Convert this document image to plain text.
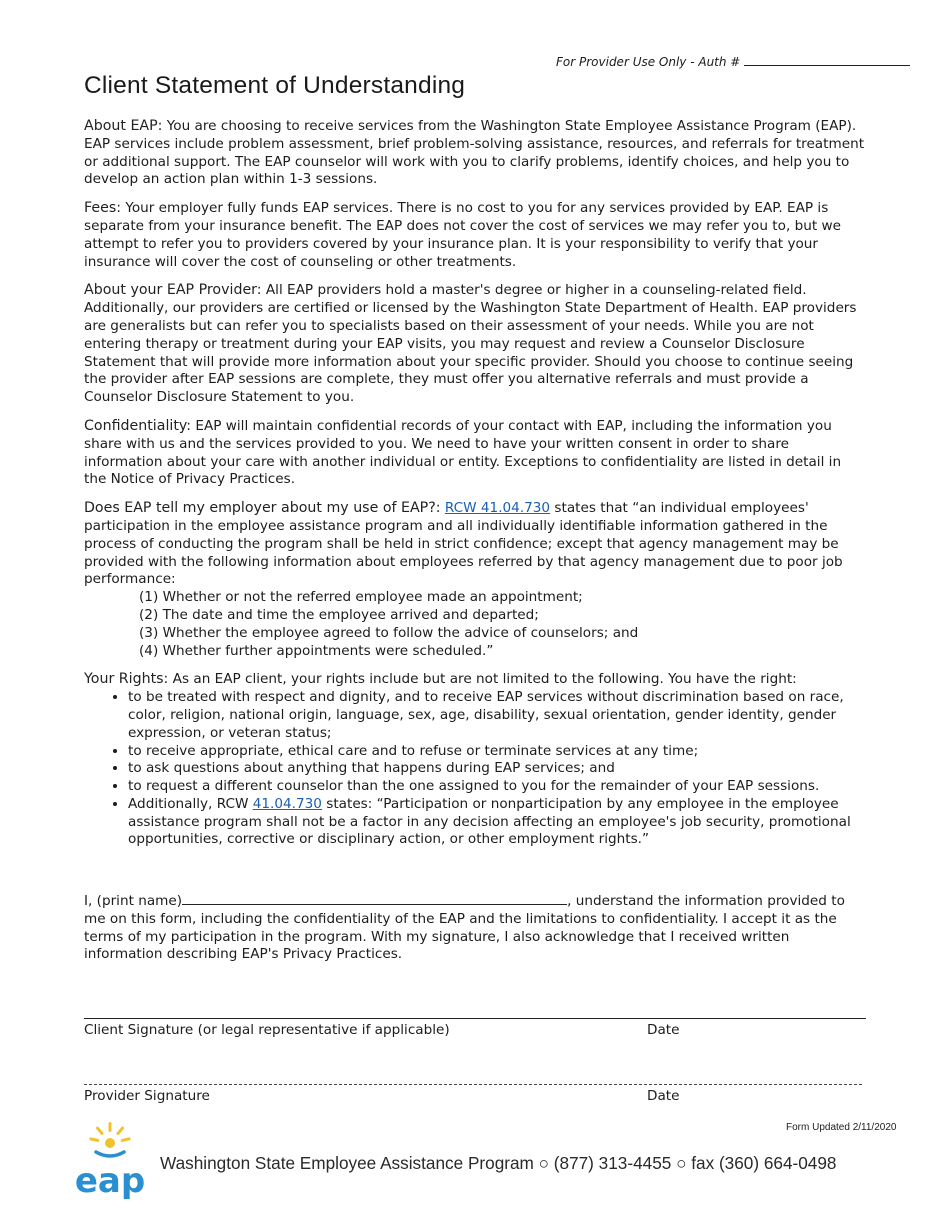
For Provider Use Only - Auth #
Client Statement of Understanding

About EAP: You are choosing to receive services from the Washington State Employee Assistance Program (EAP). EAP services include problem assessment, brief problem-solving assistance, resources, and referrals for treatment or additional support. The EAP counselor will work with you to clarify problems, identify choices, and help you to develop an action plan within 1-3 sessions.

Fees: Your employer fully funds EAP services. There is no cost to you for any services provided by EAP. EAP is separate from your insurance benefit. The EAP does not cover the cost of services we may refer you to, but we attempt to refer you to providers covered by your insurance plan. It is your responsibility to verify that your insurance will cover the cost of counseling or other treatments.

About your EAP Provider: All EAP providers hold a master's degree or higher in a counseling-related field. Additionally, our providers are certified or licensed by the Washington State Department of Health. EAP providers are generalists but can refer you to specialists based on their assessment of your needs. While you are not entering therapy or treatment during your EAP visits, you may request and review a Counselor Disclosure Statement that will provide more information about your specific provider. Should you choose to continue seeing the provider after EAP sessions are complete, they must offer you alternative referrals and must provide a Counselor Disclosure Statement to you.

Confidentiality: EAP will maintain confidential records of your contact with EAP, including the information you share with us and the services provided to you. We need to have your written consent in order to share information about your care with another individual or entity. Exceptions to confidentiality are listed in detail in the Notice of Privacy Practices.

Does EAP tell my employer about my use of EAP?: RCW 41.04.730 states that “an individual employees' participation in the employee assistance program and all individually identifiable information gathered in the process of conducting the program shall be held in strict confidence; except that agency management may be provided with the following information about employees referred by that agency management due to poor job performance:
(1) Whether or not the referred employee made an appointment;
(2) The date and time the employee arrived and departed;
(3) Whether the employee agreed to follow the advice of counselors; and
(4) Whether further appointments were scheduled.”
Your Rights: As an EAP client, your rights include but are not limited to the following. You have the right:
• to be treated with respect and dignity, and to receive EAP services without discrimination based on race, color, religion, national origin, language, sex, age, disability, sexual orientation, gender identity, gender expression, or veteran status;
• to receive appropriate, ethical care and to refuse or terminate services at any time;
• to ask questions about anything that happens during EAP services; and
• to request a different counselor than the one assigned to you for the remainder of your EAP sessions.
• Additionally, RCW 41.04.730 states: “Participation or nonparticipation by any employee in the employee assistance program shall not be a factor in any decision affecting an employee's job security, promotional opportunities, corrective or disciplinary action, or other employment rights.”
I, (print name)	, understand the information provided to me on this form, including the confidentiality of the EAP and the limitations to confidentiality. I accept it as the terms of my participation in the program. With my signature, I also acknowledge that I received written information describing EAP's Privacy Practices.
Client Signature (or legal representative if applicable)	Date
Provider Signature	Date
Form Updated 2/11/2020
eap Washington State Employee Assistance Program ○ (877) 313-4455 ○ fax (360) 664-0498
